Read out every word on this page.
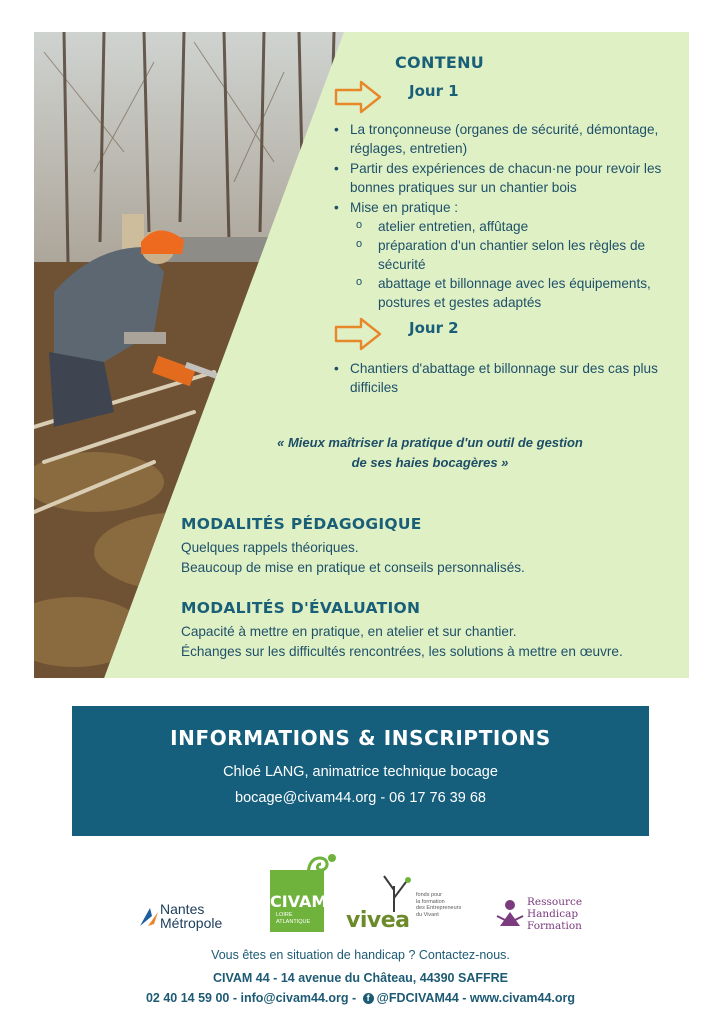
CONTENU
Jour 1
• La tronçonneuse (organes de sécurité, démontage, réglages, entretien)
• Partir des expériences de chacun·ne pour revoir les bonnes pratiques sur un chantier bois
• Mise en pratique :
o atelier entretien, affûtage
o préparation d'un chantier selon les règles de sécurité
o abattage et billonnage avec les équipements, postures et gestes adaptés
Jour 2
• Chantiers d'abattage et billonnage sur des cas plus difficiles
« Mieux maîtriser la pratique d'un outil de gestion
de ses haies bocagères »
MODALITÉS PÉDAGOGIQUE
Quelques rappels théoriques.
Beaucoup de mise en pratique et conseils personnalisés.
MODALITÉS D'ÉVALUATION
Capacité à mettre en pratique, en atelier et sur chantier.
Échanges sur les difficultés rencontrées, les solutions à mettre en œuvre.
INFORMATIONS & INSCRIPTIONS
Chloé LANG, animatrice technique bocage
bocage@civam44.org - 06 17 76 39 68
Nantes
Métropole
CIVAM
LOIRE
ATLANTIQUE vivea
fonds pour
la formation
des Entrepreneurs
du Vivant
Ressource
Handicap
Formation
Vous êtes en situation de handicap ? Contactez-nous.
CIVAM 44 - 14 avenue du Château, 44390 SAFFRE
02 40 14 59 00 - info@civam44.org - f @FDCIVAM44 - www.civam44.org
